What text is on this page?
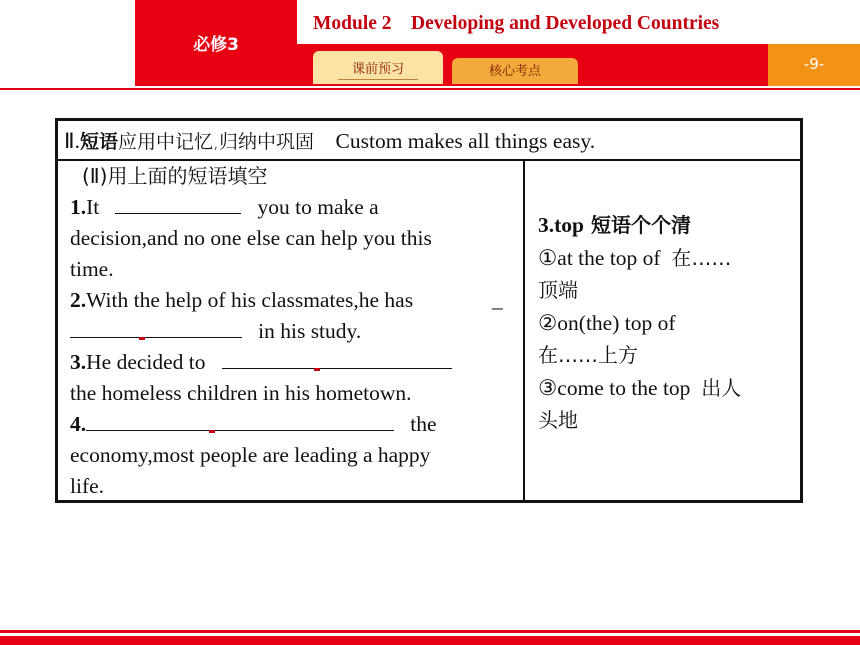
必修3
Module 2    Developing and Developed Countries
课前预习	核心考点	-9-
Ⅱ.短语应用中记忆,归纳中巩固 Custom makes all things easy.
(Ⅱ)用上面的短语填空
1.It	you to make a
decision,and no one else can help you this
time.
2.With the help of his classmates,he has	_
in his study.
3.He decided to
the homeless children in his hometown.
4.	the
economy,most people are leading a happy
life.
3.top 短语个个清
①at the top of 在……
顶端
②on(the) top of
在……上方
③come to the top 出人
头地
